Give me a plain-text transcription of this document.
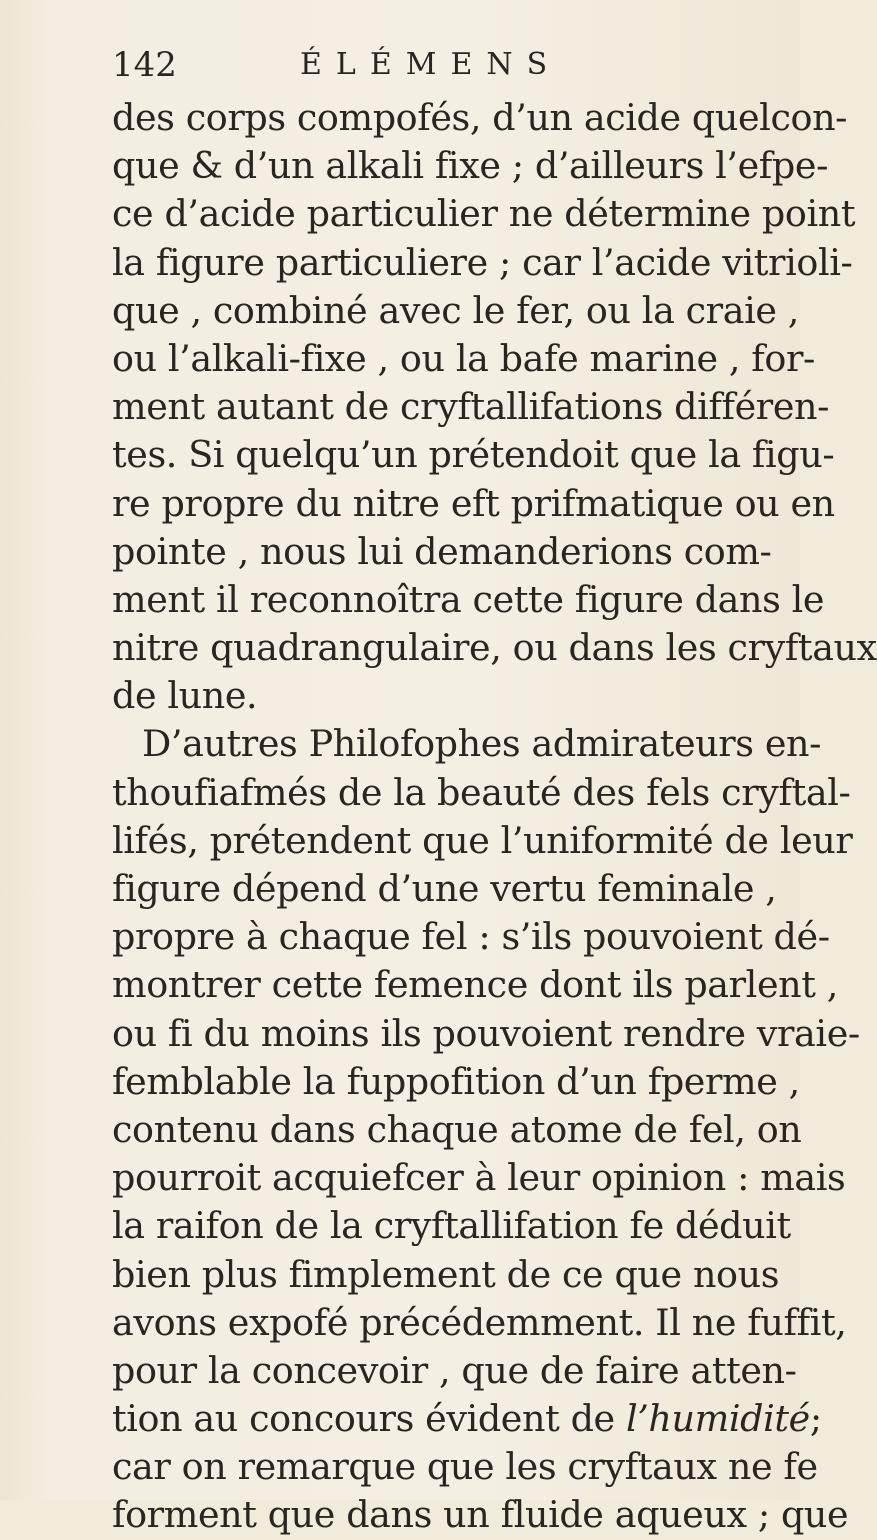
142	ÉLÉMENS
des corps compofés, d’un acide quelcon-
que & d’un alkali fixe ; d’ailleurs l’efpe-
ce d’acide particulier ne détermine point
la figure particuliere ; car l’acide vitrioli-
que , combiné avec le fer, ou la craie ,
ou l’alkali-fixe , ou la bafe marine , for-
ment autant de cryftallifations différen-
tes. Si quelqu’un prétendoit que la figu-
re propre du nitre eft prifmatique ou en
pointe , nous lui demanderions com-
ment il reconnoîtra cette figure dans le
nitre quadrangulaire, ou dans les cryftaux
de lune.
D’autres Philofophes admirateurs en-
thoufiafmés de la beauté des fels cryftal-
lifés, prétendent que l’uniformité de leur
figure dépend d’une vertu feminale ,
propre à chaque fel : s’ils pouvoient dé-
montrer cette femence dont ils parlent ,
ou fi du moins ils pouvoient rendre vraie-
femblable la fuppofition d’un fperme ,
contenu dans chaque atome de fel, on
pourroit acquiefcer à leur opinion : mais
la raifon de la cryftallifation fe déduit
bien plus fimplement de ce que nous
avons expofé précédemment. Il ne fuffit,
pour la concevoir , que de faire atten-
tion au concours évident de l’humidité;
car on remarque que les cryftaux ne fe
forment que dans un fluide aqueux ; que
